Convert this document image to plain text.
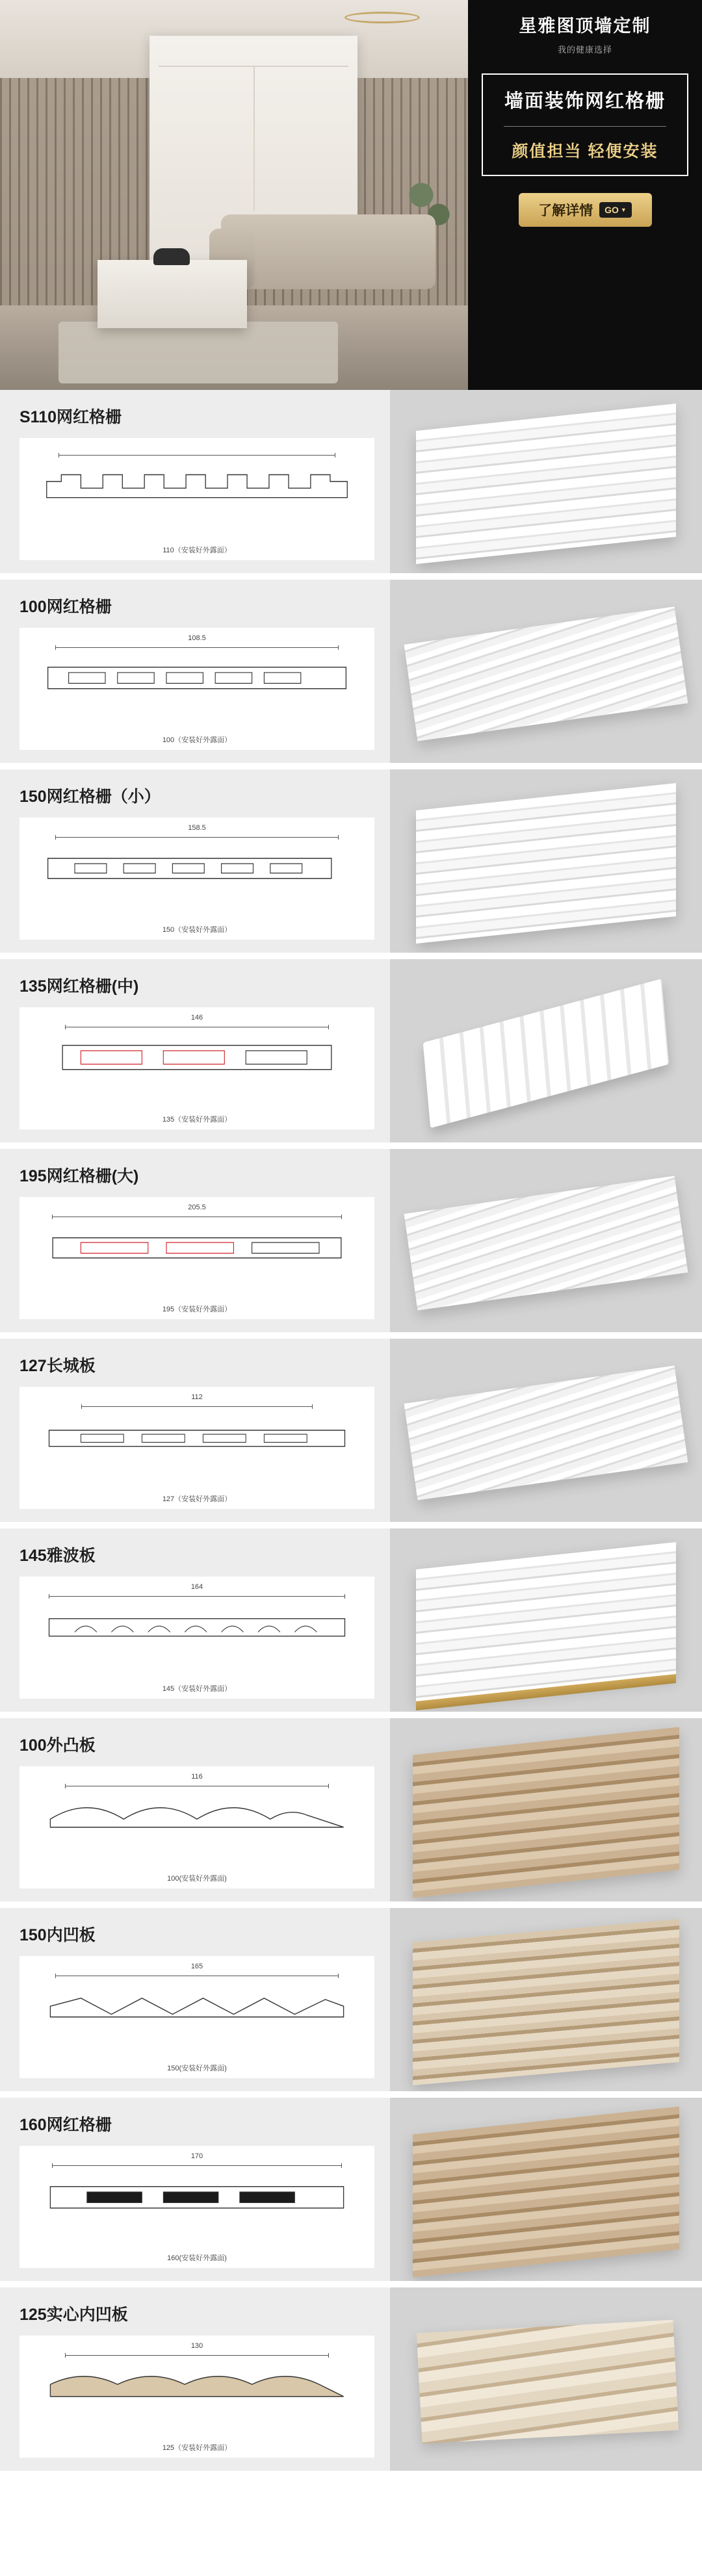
星雅图顶墙定制
我的健康选择
墙面装饰网红格栅
颜值担当 轻便安装
了解详情 GO ▼
S110网红格栅
110（安装好外露面）
100网红格栅
108.5
100（安装好外露面）
150网红格栅（小）
158.5
150（安装好外露面）
135网红格栅(中)
146
135（安装好外露面）
195网红格栅(大)
205.5
195（安装好外露面）
127长城板
112
127（安装好外露面）
145雅波板
164
145（安装好外露面）
100外凸板
116
100(安装好外露面)
150内凹板
165
150(安装好外露面)
160网红格栅
170
160(安装好外露面)
125实心内凹板
130
125（安装好外露面）
